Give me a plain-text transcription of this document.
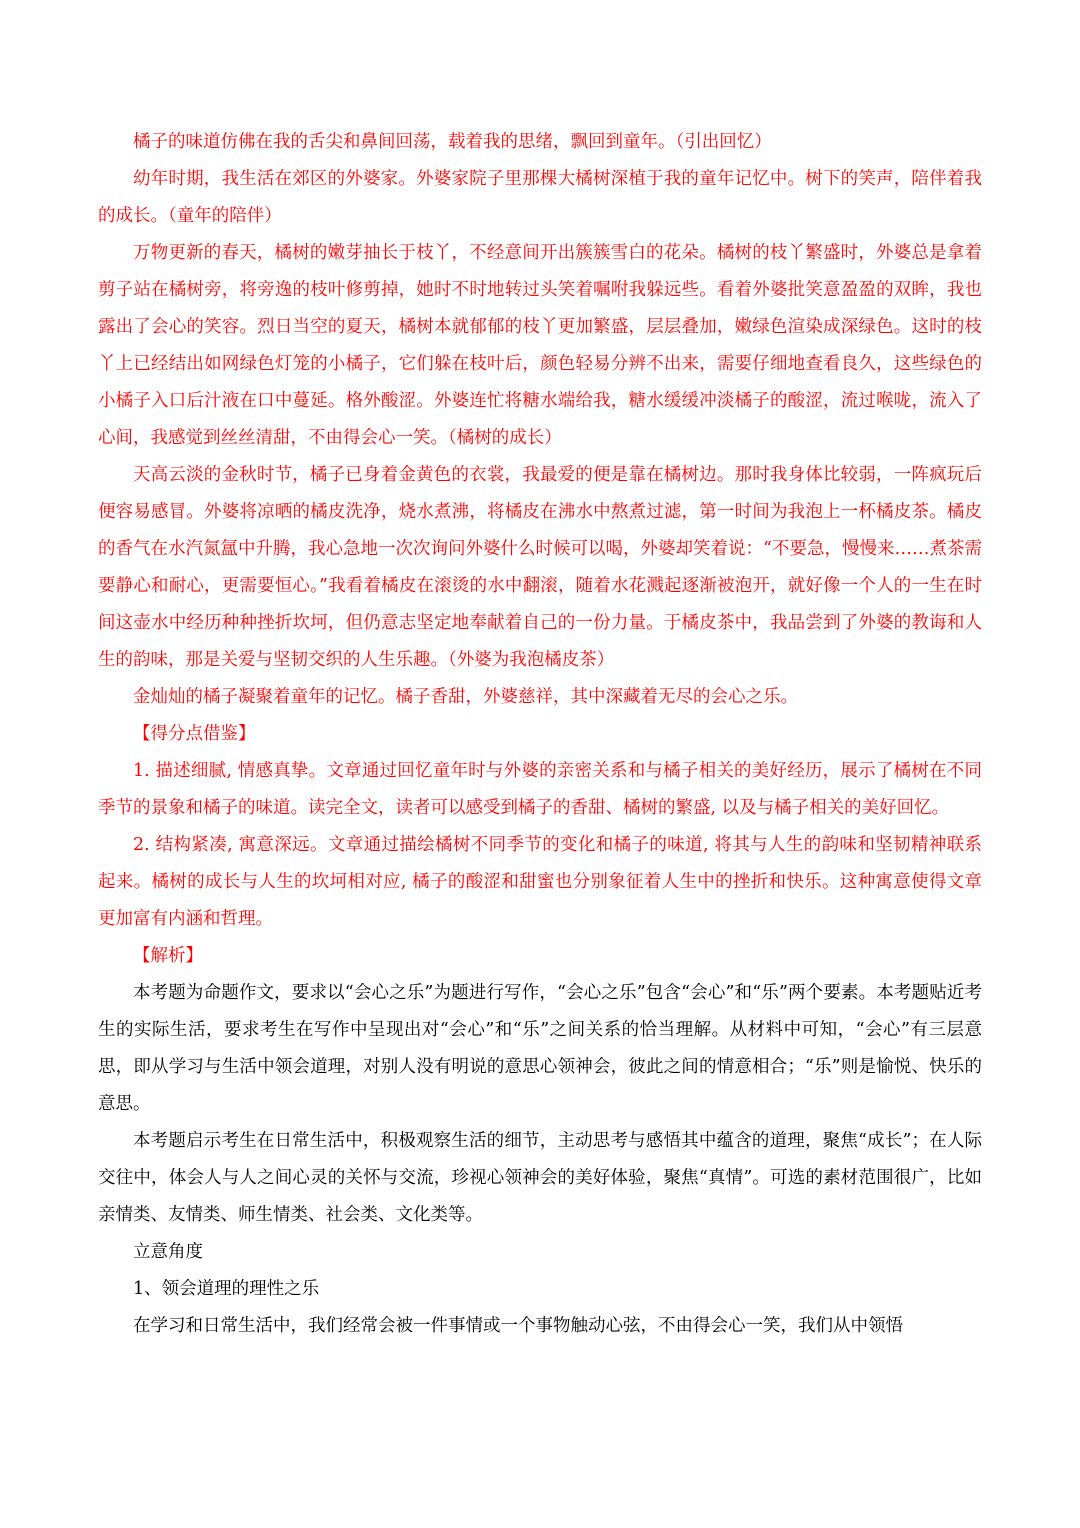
橘子的味道仿佛在我的舌尖和鼻间回荡，载着我的思绪，飘回到童年。（引出回忆）

幼年时期，我生活在郊区的外婆家。外婆家院子里那棵大橘树深植于我的童年记忆中。树下的笑声，陪伴着我的成长。（童年的陪伴）

万物更新的春天，橘树的嫩芽抽长于枝丫，不经意间开出簇簇雪白的花朵。橘树的枝丫繁盛时，外婆总是拿着剪子站在橘树旁，将旁逸的枝叶修剪掉，她时不时地转过头笑着嘱咐我躲远些。看着外婆批笑意盈盈的双眸，我也露出了会心的笑容。烈日当空的夏天，橘树本就郁郁的枝丫更加繁盛，层层叠加，嫩绿色渲染成深绿色。这时的枝丫上已经结出如网绿色灯笼的小橘子，它们躲在枝叶后，颜色轻易分辨不出来，需要仔细地查看良久，这些绿色的小橘子入口后汁液在口中蔓延。格外酸涩。外婆连忙将糖水端给我，糖水缓缓冲淡橘子的酸涩，流过喉咙，流入了心间，我感觉到丝丝清甜，不由得会心一笑。（橘树的成长）

天高云淡的金秋时节，橘子已身着金黄色的衣裳，我最爱的便是靠在橘树边。那时我身体比较弱，一阵疯玩后便容易感冒。外婆将凉晒的橘皮洗净，烧水煮沸，将橘皮在沸水中熬煮过滤，第一时间为我泡上一杯橘皮茶。橘皮的香气在水汽氮氲中升腾，我心急地一次次询问外婆什么时候可以喝，外婆却笑着说：“不要急，慢慢来……煮茶需要静心和耐心，更需要恒心。”我看着橘皮在滚烫的水中翻滚，随着水花溅起逐渐被泡开，就好像一个人的一生在时间这壶水中经历种种挫折坎坷，但仍意志坚定地奉献着自己的一份力量。于橘皮茶中，我品尝到了外婆的教诲和人生的韵味，那是关爱与坚韧交织的人生乐趣。（外婆为我泡橘皮茶）

金灿灿的橘子凝聚着童年的记忆。橘子香甜，外婆慈祥，其中深藏着无尽的会心之乐。

【得分点借鉴】

1. 描述细腻, 情感真挚。文章通过回忆童年时与外婆的亲密关系和与橘子相关的美好经历，展示了橘树在不同季节的景象和橘子的味道。读完全文，读者可以感受到橘子的香甜、橘树的繁盛, 以及与橘子相关的美好回忆。

2. 结构紧凑, 寓意深远。文章通过描绘橘树不同季节的变化和橘子的味道, 将其与人生的韵味和坚韧精神联系起来。橘树的成长与人生的坎坷相对应, 橘子的酸涩和甜蜜也分别象征着人生中的挫折和快乐。这种寓意使得文章更加富有内涵和哲理。

【解析】

本考题为命题作文，要求以“会心之乐”为题进行写作，“会心之乐”包含“会心”和“乐”两个要素。本考题贴近考生的实际生活，要求考生在写作中呈现出对“会心”和“乐”之间关系的恰当理解。从材料中可知，“会心”有三层意思，即从学习与生活中领会道理，对别人没有明说的意思心领神会，彼此之间的情意相合；“乐”则是愉悦、快乐的意思。

本考题启示考生在日常生活中，积极观察生活的细节，主动思考与感悟其中蕴含的道理，聚焦“成长”；在人际交往中，体会人与人之间心灵的关怀与交流，珍视心领神会的美好体验，聚焦“真情”。可选的素材范围很广，比如亲情类、友情类、师生情类、社会类、文化类等。

立意角度

1、领会道理的理性之乐

在学习和日常生活中，我们经常会被一件事情或一个事物触动心弦，不由得会心一笑，我们从中领悟
